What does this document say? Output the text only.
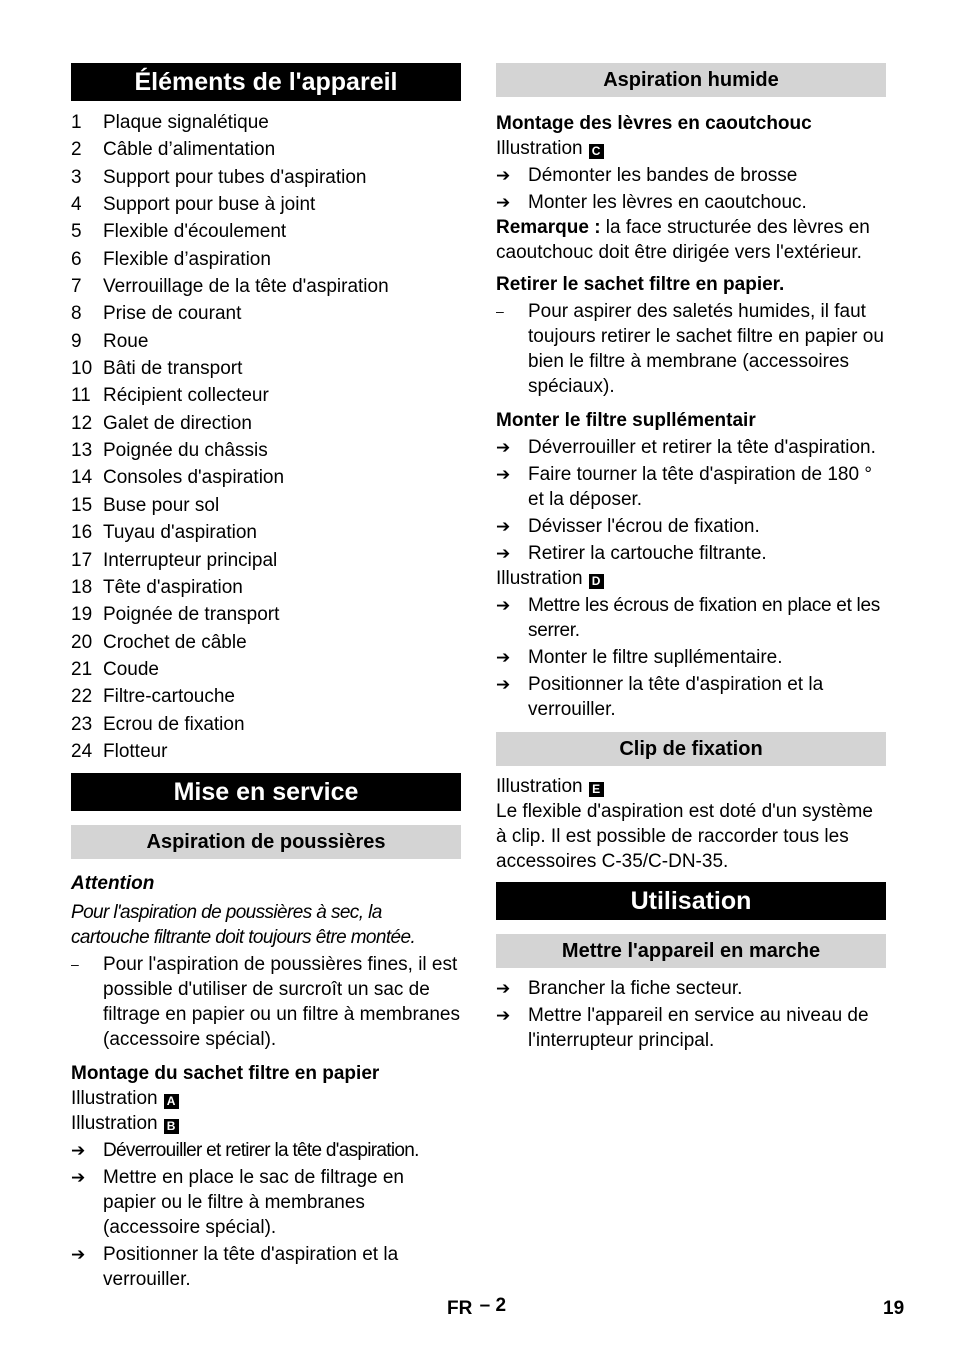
Éléments de l'appareil
1	Plaque signalétique
2	Câble d’alimentation
3	Support pour tubes d'aspiration
4	Support pour buse à joint
5	Flexible d'écoulement
6	Flexible d’aspiration
7	Verrouillage de la tête d'aspiration
8	Prise de courant
9	Roue
10 Bâti de transport
11 Récipient collecteur
12 Galet de direction
13 Poignée du châssis
14 Consoles d'aspiration
15 Buse pour sol
16 Tuyau d'aspiration
17 Interrupteur principal
18 Tête d'aspiration
19 Poignée de transport
20 Crochet de câble
21 Coude
22 Filtre-cartouche
23 Ecrou de fixation
24 Flotteur
Mise en service
Aspiration de poussières
Attention
Pour l'aspiration de poussières à sec, la cartouche filtrante doit toujours être montée.
–	Pour l'aspiration de poussières fines, il est possible d'utiliser de surcroît un sac de filtrage en papier ou un filtre à membranes (accessoire spécial).
Montage du sachet filtre en papier
Illustration A
Illustration B
➔ Déverrouiller et retirer la tête d'aspiration.
➔ Mettre en place le sac de filtrage en papier ou le filtre à membranes (accessoire spécial).
➔ Positionner la tête d'aspiration et la verrouiller.
Aspiration humide
Montage des lèvres en caoutchouc
Illustration C
➔ Démonter les bandes de brosse
➔ Monter les lèvres en caoutchouc.
Remarque : la face structurée des lèvres en caoutchouc doit être dirigée vers l'extérieur.
Retirer le sachet filtre en papier.
–	Pour aspirer des saletés humides, il faut toujours retirer le sachet filtre en papier ou bien le filtre à membrane (accessoires spéciaux).
Monter le filtre supllémentair
➔ Déverrouiller et retirer la tête d'aspiration.
➔ Faire tourner la tête d'aspiration de 180 ° et la déposer.
➔ Dévisser l'écrou de fixation.
➔ Retirer la cartouche filtrante.
Illustration D
➔ Mettre les écrous de fixation en place et les serrer.
➔ Monter le filtre supllémentaire.
➔ Positionner la tête d'aspiration et la verrouiller.
Clip de fixation
Illustration E
Le flexible d'aspiration est doté d'un système à clip. Il est possible de raccorder tous les accessoires C-35/C-DN-35.
Utilisation
Mettre l'appareil en marche
➔ Brancher la fiche secteur.
➔ Mettre l'appareil en service au niveau de l'interrupteur principal.
FR – 2	19
